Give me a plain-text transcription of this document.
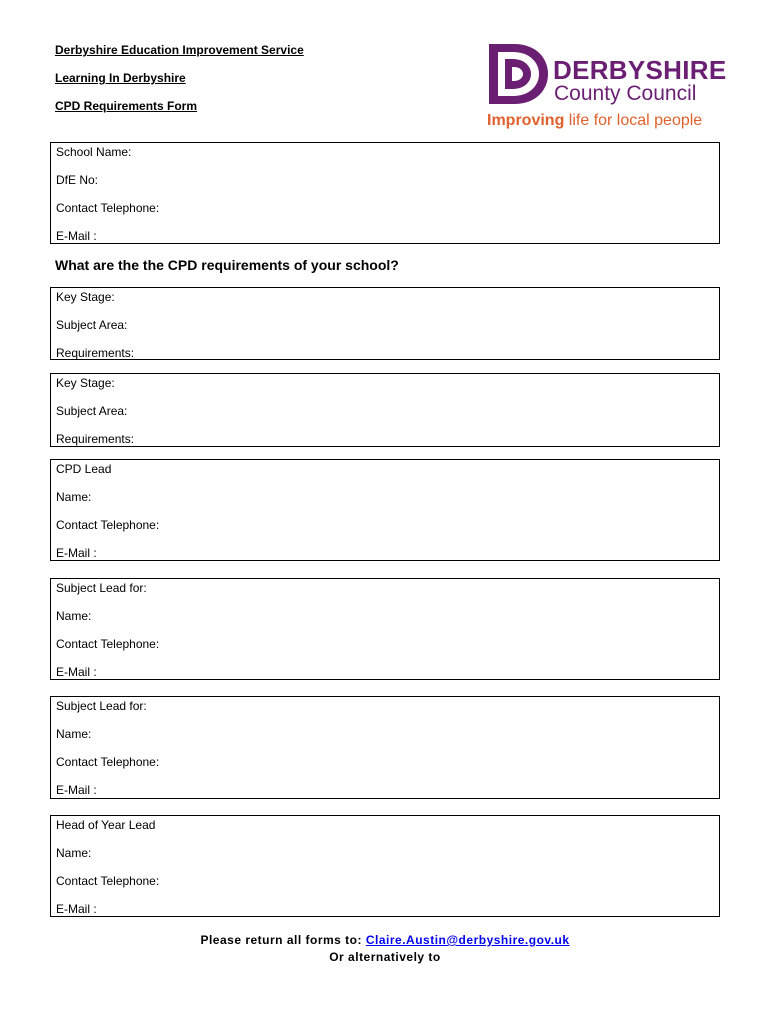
Derbyshire Education Improvement Service
Learning In Derbyshire
CPD Requirements Form
DERBYSHIRE
County Council
Improving life for local people
School Name:
DfE No:
Contact Telephone:
E-Mail :
What are the the CPD requirements of your school?
Key Stage:
Subject Area:
Requirements:
Key Stage:
Subject Area:
Requirements:
CPD Lead
Name:
Contact Telephone:
E-Mail :
Subject Lead for:
Name:
Contact Telephone:
E-Mail :
Subject Lead for:
Name:
Contact Telephone:
E-Mail :
Head of Year Lead
Name:
Contact Telephone:
E-Mail :
Please return all forms to: Claire.Austin@derbyshire.gov.uk
Or alternatively to
